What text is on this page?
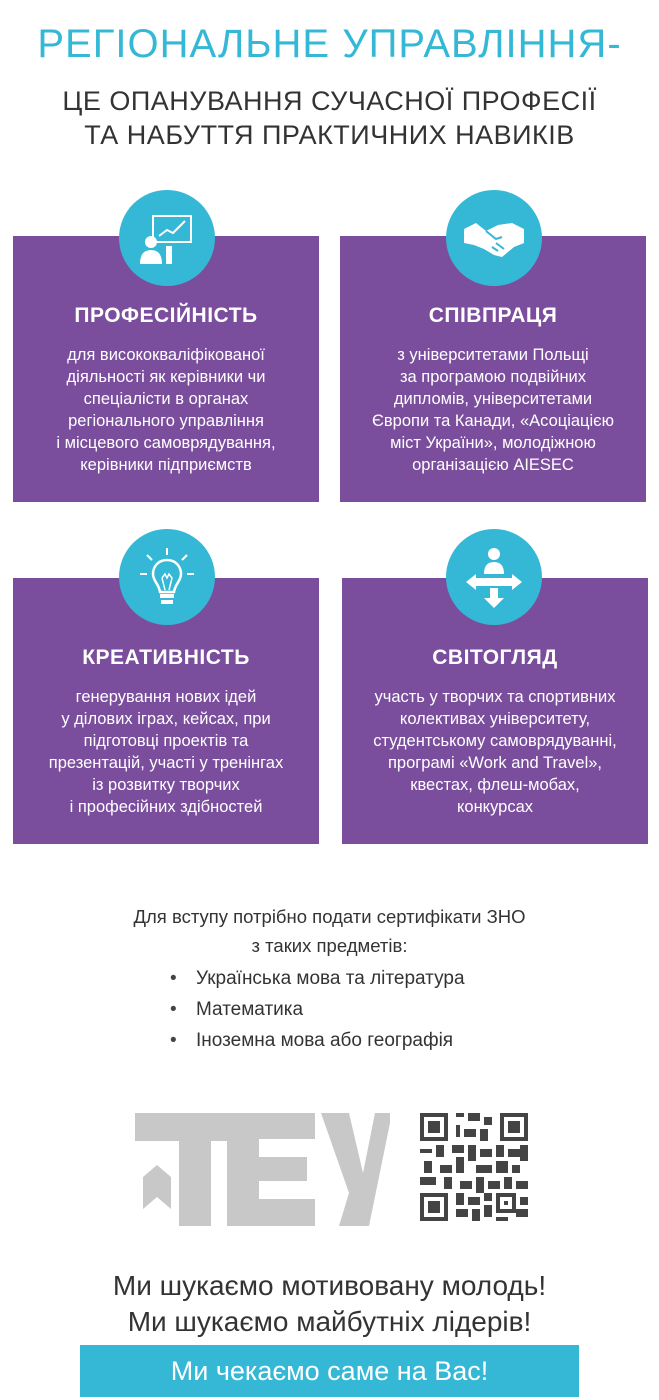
РЕГІОНАЛЬНЕ УПРАВЛІННЯ-
ЦЕ ОПАНУВАННЯ СУЧАСНОЇ ПРОФЕСІЇ
ТА НАБУТТЯ ПРАКТИЧНИХ НАВИКІВ
ПРОФЕСІЙНІСТЬ
для висококваліфікованої
діяльності як керівники чи
спеціалісти в органах
регіонального управління
і місцевого самоврядування,
керівники підприємств
СПІВПРАЦЯ
з університетами Польщі
за програмою подвійних
дипломів, університетами
Європи та Канади, «Асоціацією
міст України», молодіжною
організацією AIESEC
КРЕАТИВНІСТЬ
генерування нових ідей
у ділових іграх, кейсах, при
підготовці проектів та
презентацій, участі у тренінгах
із розвитку творчих
і професійних здібностей
СВІТОГЛЯД
участь у творчих та спортивних
колективах університету,
студентському самоврядуванні,
програмі «Work and Travel»,
квестах, флеш-мобах,
конкурсах
Для вступу потрібно подати сертифікати ЗНО
з таких предметів:
• Українська мова та література
• Математика
• Іноземна мова або географія
Ми шукаємо мотивовану молодь!
Ми шукаємо майбутніх лідерів!
Ми чекаємо саме на Вас!
